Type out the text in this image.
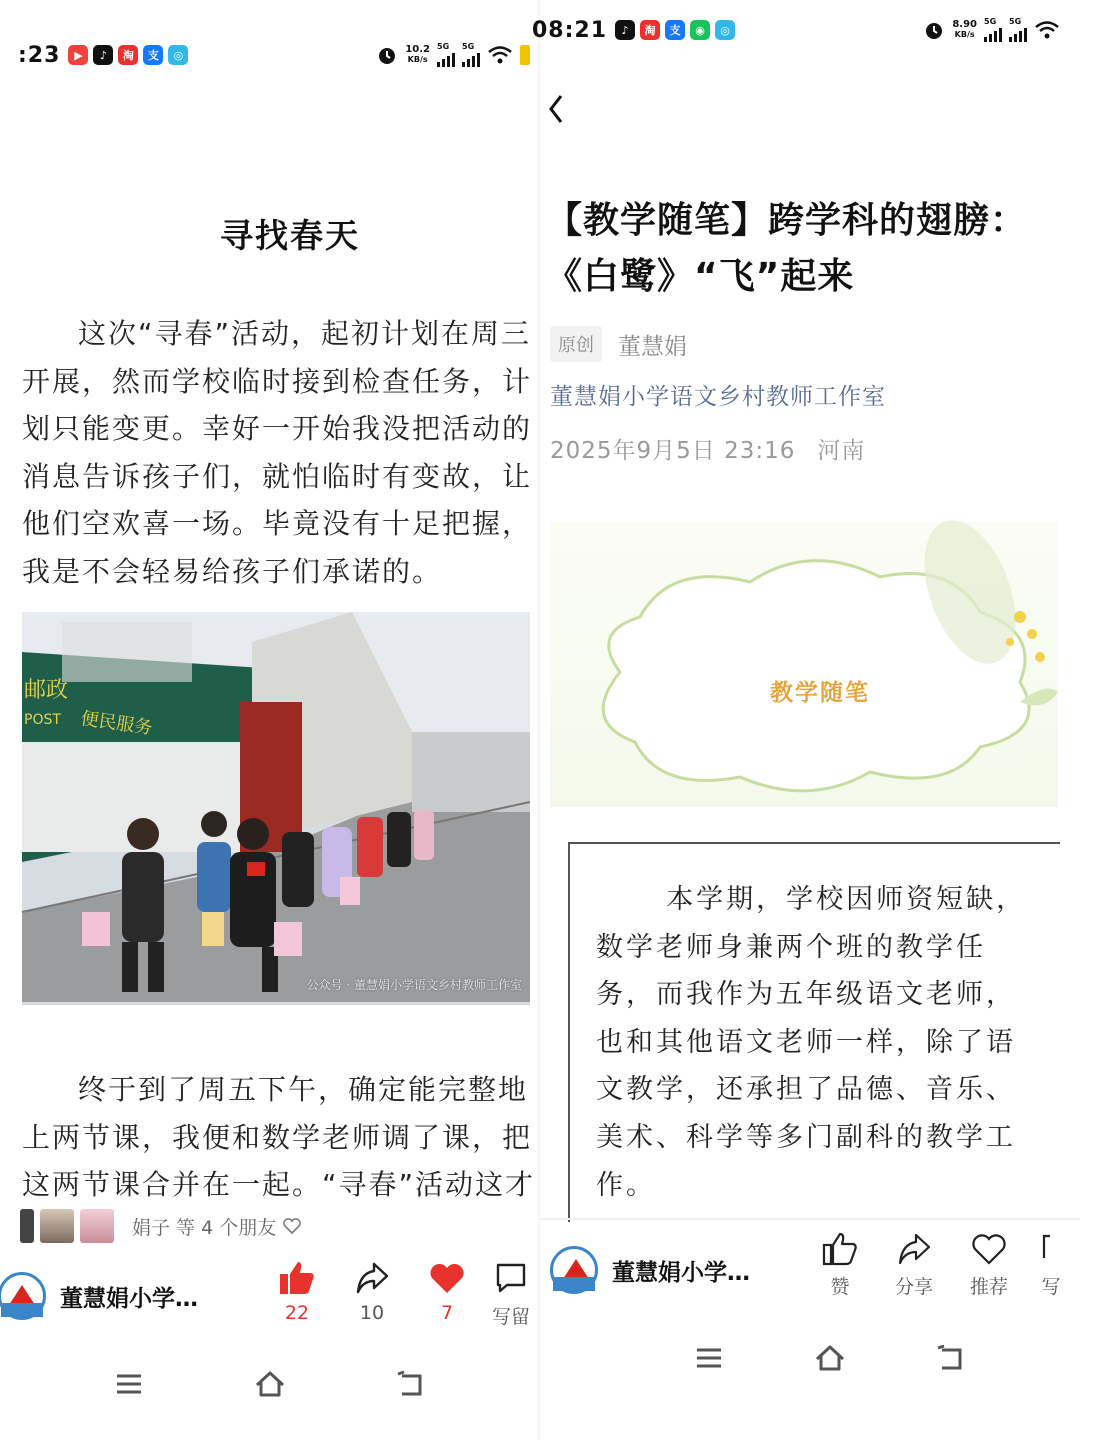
:23	▶	♪	淘	支	◎	10.2
KB/s
5G 5G
寻找春天
这次“寻春”活动，起初计划在周三
开展，然而学校临时接到检查任务，计
划只能变更。幸好一开始我没把活动的
消息告诉孩子们，就怕临时有变故，让
他们空欢喜一场。毕竟没有十足把握，
我是不会轻易给孩子们承诺的。
邮政
POST 便民服务
公众号 · 董慧娟小学语文乡村教师工作室
终于到了周五下午，确定能完整地
上两节课，我便和数学老师调了课，把
这两节课合并在一起。“寻春”活动这才
娟子 等 4 个朋友
董慧娟小学…
22	10	7 写留
08:21	♪	淘	支	◉	◎	8.90
KB/s
5G 5G
【教学随笔】跨学科的翅膀：
《白鹭》“飞”起来
原创	董慧娟
董慧娟小学语文乡村教师工作室
2025年9月5日 23:16 河南
教学随笔
本学期，学校因师资短缺，
数学老师身兼两个班的教学任
务，而我作为五年级语文老师，
也和其他语文老师一样，除了语
文教学，还承担了品德、音乐、
美术、科学等多门副科的教学工
作。
董慧娟小学…
赞 分享 推荐 写
